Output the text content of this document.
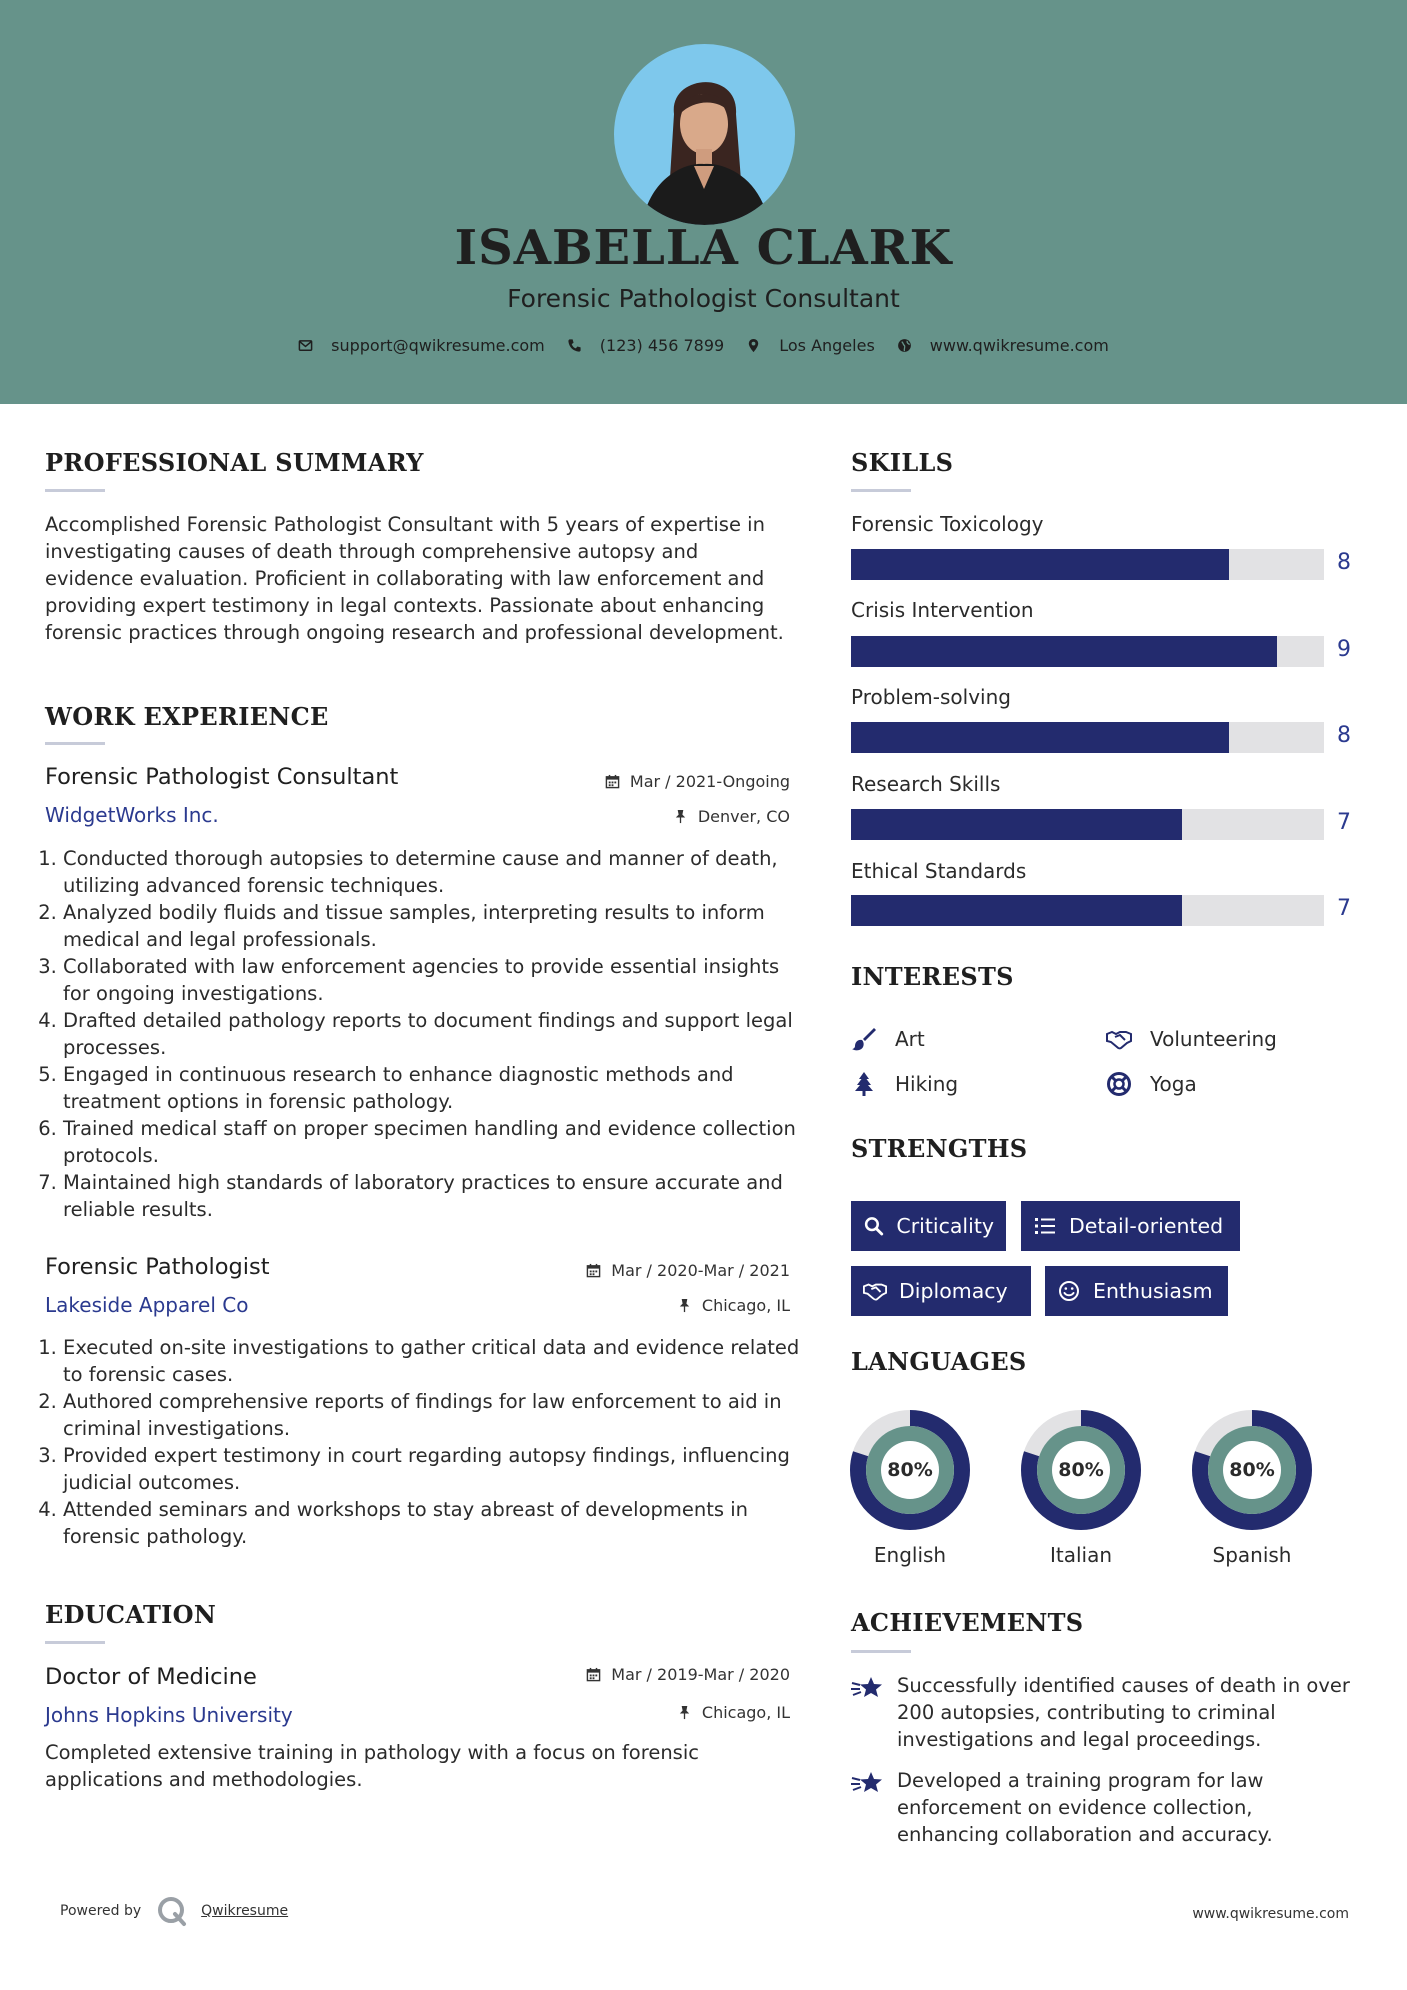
ISABELLA CLARK
Forensic Pathologist Consultant
support@qwikresume.com	(123) 456 7899	Los Angeles	www.qwikresume.com
PROFESSIONAL SUMMARY
Accomplished Forensic Pathologist Consultant with 5 years of expertise in investigating causes of death through comprehensive autopsy and evidence evaluation. Proficient in collaborating with law enforcement and providing expert testimony in legal contexts. Passionate about enhancing forensic practices through ongoing research and professional development.
WORK EXPERIENCE
Forensic Pathologist Consultant	Mar / 2021-Ongoing
WidgetWorks Inc.	Denver, CO
1. Conducted thorough autopsies to determine cause and manner of death, utilizing advanced forensic techniques.
2. Analyzed bodily fluids and tissue samples, interpreting results to inform medical and legal professionals.
3. Collaborated with law enforcement agencies to provide essential insights for ongoing investigations.
4. Drafted detailed pathology reports to document findings and support legal processes.
5. Engaged in continuous research to enhance diagnostic methods and treatment options in forensic pathology.
6. Trained medical staff on proper specimen handling and evidence collection protocols.
7. Maintained high standards of laboratory practices to ensure accurate and reliable results.
Forensic Pathologist	Mar / 2020-Mar / 2021
Lakeside Apparel Co	Chicago, IL
1. Executed on-site investigations to gather critical data and evidence related to forensic cases.
2. Authored comprehensive reports of findings for law enforcement to aid in criminal investigations.
3. Provided expert testimony in court regarding autopsy findings, influencing judicial outcomes.
4. Attended seminars and workshops to stay abreast of developments in forensic pathology.
EDUCATION
Doctor of Medicine	Mar / 2019-Mar / 2020
Johns Hopkins University	Chicago, IL
Completed extensive training in pathology with a focus on forensic applications and methodologies.
SKILLS
Forensic Toxicology
8
Crisis Intervention
9
Problem-solving
8
Research Skills
7
Ethical Standards
7
INTERESTS
Art	Volunteering
Hiking	Yoga
STRENGTHS
Criticality	Detail-oriented
Diplomacy	Enthusiasm
LANGUAGES
80%
English
80%
Italian
80%
Spanish
ACHIEVEMENTS
Successfully identified causes of death in over 200 autopsies, contributing to criminal investigations and legal proceedings.
Developed a training program for law enforcement on evidence collection, enhancing collaboration and accuracy.
Powered by	Qwikresume	www.qwikresume.com
